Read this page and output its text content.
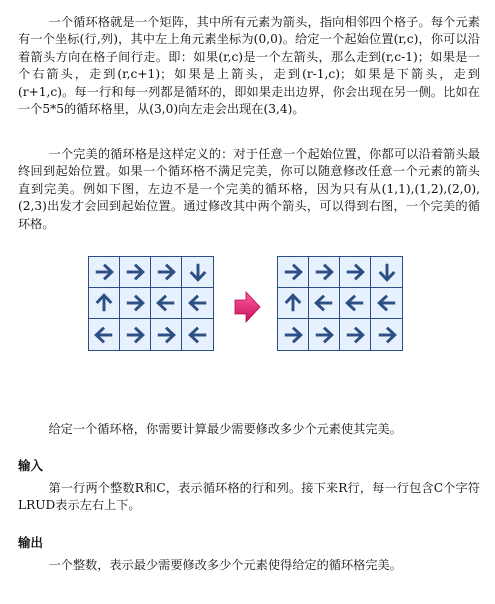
一个循环格就是一个矩阵，其中所有元素为箭头，指向相邻四个格子。每个元素有一个坐标(行,列)，其中左上角元素坐标为(0,0)。给定一个起始位置(r,c)，你可以沿着箭头方向在格子间行走。即：如果(r,c)是一个左箭头，那么走到(r,c-1)；如果是一个右箭头，走到(r,c+1)；如果是上箭头，走到(r-1,c)；如果是下箭头，走到(r+1,c)。每一行和每一列都是循环的，即如果走出边界，你会出现在另一侧。比如在一个5*5的循环格里，从(3,0)向左走会出现在(3,4)。

一个完美的循环格是这样定义的：对于任意一个起始位置，你都可以沿着箭头最终回到起始位置。如果一个循环格不满足完美，你可以随意修改任意一个元素的箭头直到完美。例如下图，左边不是一个完美的循环格，因为只有从(1,1),(1,2),(2,0),(2,3)出发才会回到起始位置。通过修改其中两个箭头，可以得到右图，一个完美的循环格。

给定一个循环格，你需要计算最少需要修改多少个元素使其完美。

输入

第一行两个整数R和C，表示循环格的行和列。接下来R行，每一行包含C个字符LRUD表示左右上下。

输出

一个整数，表示最少需要修改多少个元素使得给定的循环格完美。
